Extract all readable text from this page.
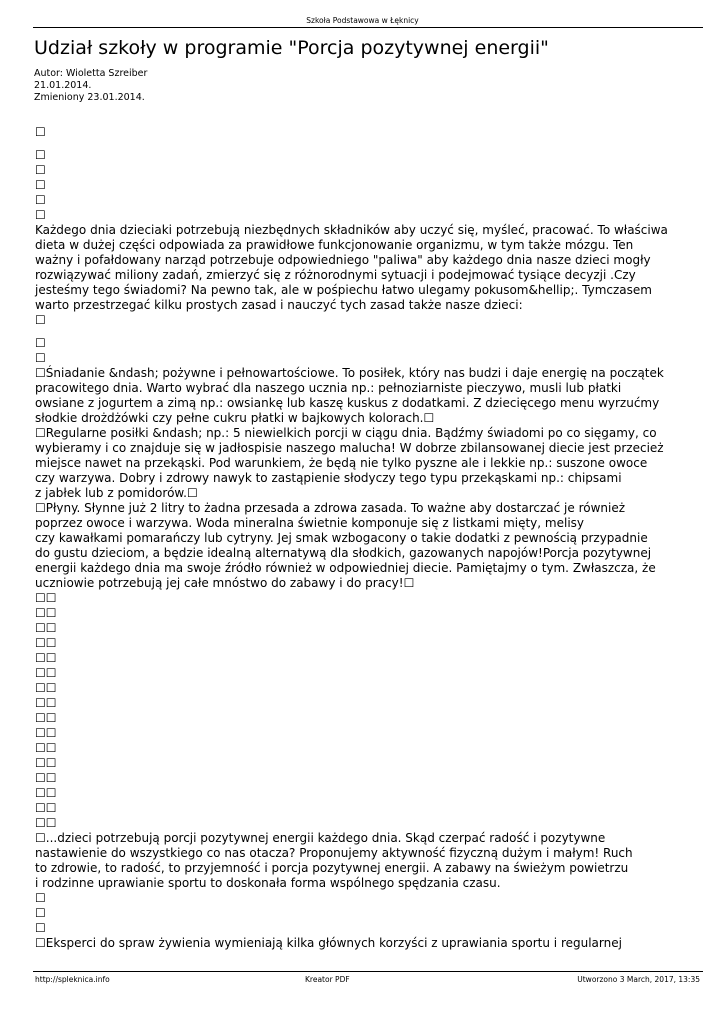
Szkoła Podstawowa w Łęknicy
Udział szkoły w programie "Porcja pozytywnej energii"
Autor: Wioletta Szreiber
21.01.2014.
Zmieniony 23.01.2014.
☐
☐
☐
☐
☐
☐
Każdego dnia dzieciaki potrzebują niezbędnych składników aby uczyć się, myśleć, pracować. To właściwa
dieta w dużej części odpowiada za prawidłowe funkcjonowanie organizmu, w tym także mózgu. Ten
ważny i pofałdowany narząd potrzebuje odpowiedniego "paliwa" aby każdego dnia nasze dzieci mogły
rozwiązywać miliony zadań, zmierzyć się z różnorodnymi sytuacji i podejmować tysiące decyzji .Czy
jesteśmy tego świadomi? Na pewno tak, ale w pośpiechu łatwo ulegamy pokusom&hellip;. Tymczasem
warto przestrzegać kilku prostych zasad i nauczyć tych zasad także nasze dzieci:
☐
☐
☐
☐Śniadanie &ndash; pożywne i pełnowartościowe. To posiłek, który nas budzi i daje energię na początek
pracowitego dnia. Warto wybrać dla naszego ucznia np.: pełnoziarniste pieczywo, musli lub płatki
owsiane z jogurtem a zimą np.: owsiankę lub kaszę kuskus z dodatkami. Z dziecięcego menu wyrzućmy
słodkie drożdżówki czy pełne cukru płatki w bajkowych kolorach.☐
☐Regularne posiłki &ndash; np.: 5 niewielkich porcji w ciągu dnia. Bądźmy świadomi po co sięgamy, co
wybieramy i co znajduje się w jadłospisie naszego malucha! W dobrze zbilansowanej diecie jest przecież
miejsce nawet na przekąski. Pod warunkiem, że będą nie tylko pyszne ale i lekkie np.: suszone owoce
czy warzywa. Dobry i zdrowy nawyk to zastąpienie słodyczy tego typu przekąskami np.: chipsami
z jabłek lub z pomidorów.☐
☐Płyny. Słynne już 2 litry to żadna przesada a zdrowa zasada. To ważne aby dostarczać je również
poprzez owoce i warzywa. Woda mineralna świetnie komponuje się z listkami mięty, melisy
czy kawałkami pomarańczy lub cytryny. Jej smak wzbogacony o takie dodatki z pewnością przypadnie
do gustu dzieciom, a będzie idealną alternatywą dla słodkich, gazowanych napojów!Porcja pozytywnej
energii każdego dnia ma swoje źródło również w odpowiedniej diecie. Pamiętajmy o tym. Zwłaszcza, że
uczniowie potrzebują jej całe mnóstwo do zabawy i do pracy!☐
☐☐
☐☐
☐☐
☐☐
☐☐
☐☐
☐☐
☐☐
☐☐
☐☐
☐☐
☐☐
☐☐
☐☐
☐☐
☐☐
☐...dzieci potrzebują porcji pozytywnej energii każdego dnia. Skąd czerpać radość i pozytywne
nastawienie do wszystkiego co nas otacza? Proponujemy aktywność fizyczną dużym i małym! Ruch
to zdrowie, to radość, to przyjemność i porcja pozytywnej energii. A zabawy na świeżym powietrzu
i rodzinne uprawianie sportu to doskonała forma wspólnego spędzania czasu.
☐
☐
☐
☐Eksperci do spraw żywienia wymieniają kilka głównych korzyści z uprawiania sportu i regularnej
http://spleknica.info	Kreator PDF	Utworzono 3 March, 2017, 13:35
